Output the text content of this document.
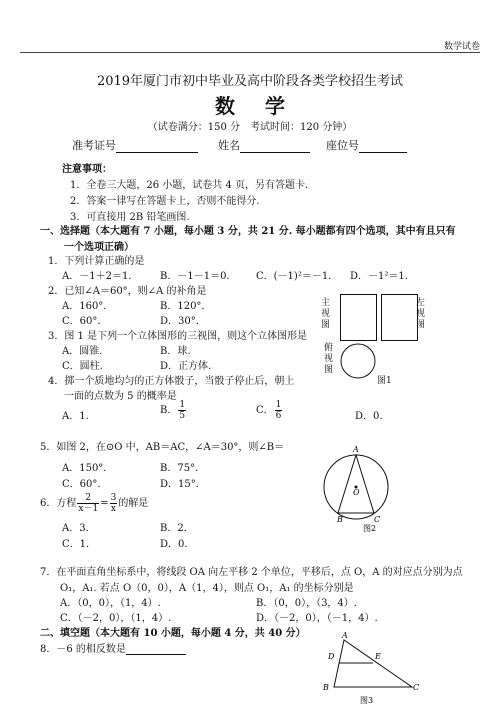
数学试卷
2019年厦门市初中毕业及高中阶段各类学校招生考试
数学
（试卷满分：150 分　考试时间：120 分钟）
准考证号	姓名	座位号
注意事项：
1．全卷三大题，26 小题，试卷共 4 页，另有答题卡.
2．答案一律写在答题卡上，否则不能得分.
3．可直接用 2B 铅笔画图.
一、选择题（本大题有 7 小题，每小题 3 分，共 21 分. 每小题都有四个选项，其中有且只有
一个选项正确）
1．下列计算正确的是
A．－1＋2＝1.	B．－1－1＝0.	C．(－1)²＝－1. D．－1²＝1.
2．已知∠A＝60°，则∠A 的补角是
A．160°．	B．120°．
C．60°．	D．30°．
3．图 1 是下列一个立体图形的三视图，则这个立体图形是
A．圆锥.	B．球.
C．圆柱.	D．正方体.
4．掷一个质地均匀的正方体骰子，当骰子停止后，朝上
一面的点数为 5 的概率是
A．1.
B． $\frac{1}{5}$	C． $\frac{1}{6}$	D．0.
主视图
左视图
俯视图
图1
5．如图 2，在⊙O 中，AB＝AC，∠A＝30°，则∠B＝
A．150°．	B．75°．
C．60°．	D．15°．
A
O
B	C
图2
6．方程 $\frac{2}{x-1} = \frac{3}{x}$ 的解是
A．3．	B．2．
C．1．	D．0．
7．在平面直角坐标系中，将线段 OA 向左平移 2 个单位，平移后，点 O，A 的对应点分别为点
O₁，A₁. 若点 O（0，0），A（1，4），则点 O₁，A₁ 的坐标分别是
A．（0，0），（1，4）.	B．（0，0），（3，4）.
C．（－2，0），（1，4）.	D．（－2，0），（－1，4）.
二、填空题（本大题有 10 小题，每小题 4 分，共 40 分）
8．－6 的相反数是
A
D	E
B	C
图3
